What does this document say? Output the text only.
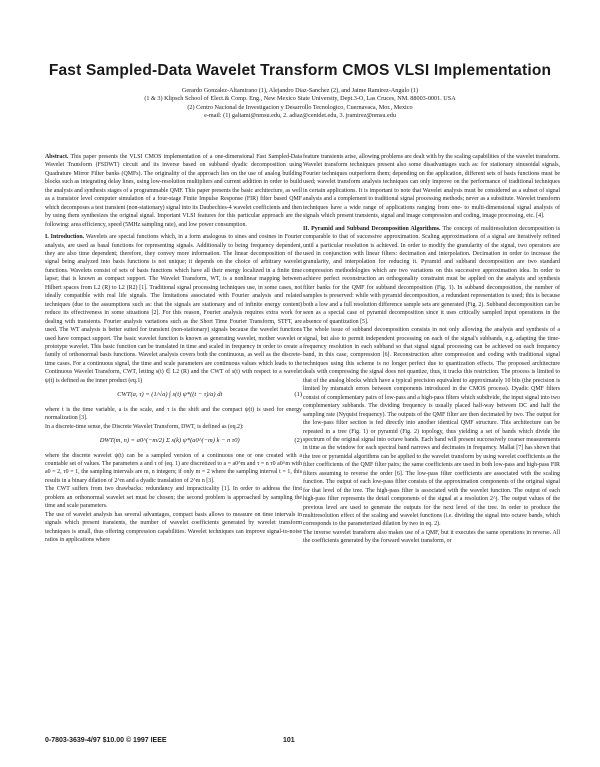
Fast Sampled-Data Wavelet Transform CMOS VLSI Implementation
Gerardo Gonzalez-Altamirano (1), Alejandro Diaz-Sanchez (2), and Jaime Ramirez-Angulo (1)
(1 & 3) Klipsch School of Elect.& Comp. Eng., New Mexico State University, Dept.3-O, Las Cruces, NM. 88003-0001. USA
(2) Centro Nacional de Investigacion y Desarrollo Tecnologico, Cuernavaca, Mor., Mexico
e-mail: (1) galtami@nmsu.edu, 2. adiaz@cenidet.edu, 3. jramirez@nmsu.edu

Abstract. This paper presents the VLSI CMOS implementation of a one-dimensional Fast Sampled-Data Wavelet Transform (FSDWT) circuit and its inverse based on subband dyadic decomposition using Quadrature Mirror Filter banks (QMFs). The originality of the approach lies on the use of analog building blocks such as integrating delay lines, using low-resolution multipliers and current addition in order to build the analysis and synthesis stages of a programmable QMF. This paper presents the basic architecture, as well as a transistor level computer simulation of a four-stage Finite Impulse Response (FIR) filter based QMF which decomposes a test transient (non-stationary) signal into its Daubechies-4 wavelet coefficients and then by using them synthesizes the original signal. Important VLSI features for this particular approach are the following: area efficiency, speed (5MHz sampling rate), and low power consumption.

I. Introduction. Wavelets are special functions which, in a form analogous to sines and cosines in Fourier analysis, are used as basal functions for representing signals. Additionally to being frequency dependent, they are also time dependent; therefore, they convey more information. The linear decomposition of the signal being analyzed into basis functions is not unique; it depends on the choice of arbitrary wavelet functions. Wavelets consist of sets of basis functions which have all their energy localized in a finite time lapse; that is known as compact support. The Wavelet Transform, WT, is a nonlinear mapping between Hilbert spaces from L2 (R) to L2 (R2) [1]. Traditional signal processing techniques use, in some cases, not ideally compatible with real life signals. The limitations associated with Fourier analysis and related techniques (due to the assumptions such as: that the signals are stationary and of infinite energy content) reduce its effectiveness in some situations [2]. For this reason, Fourier analysis requires extra work for dealing with transients. Fourier analysis variations such as the Short Time Fourier Transform, STFT, are used. The WT analysis is better suited for transient (non-stationary) signals because the wavelet functions used have compact support. The basic wavelet function is known as generating wavelet, mother wavelet or prototype wavelet. This basic function can be translated in time and scaled in frequency in order to create a family of orthonormal basis functions. Wavelet analysis covers both the continuous, as well as the discrete-time cases. For a continuous signal, the time and scale parameters are continuous values which leads to the Continuous Wavelet Transform, CWT, letting s(t) ∈ L2 (R) and the CWT of s(t) with respect to a wavelet ψ(t) is defined as the inner product (eq.1)

CWT(a, τ) = (1/√a) ∫ s(t) ψ*((t − τ)/a) dt	(1)

where t is the time variable, a is the scale, and τ is the shift and the compact ψ(t) is used for energy normalization [3].

In a discrete-time sense, the Discrete Wavelet Transform, DWT, is defined as (eq.2):

DWT(m, n) = a0^(−m/2) Σ s(k) ψ*(a0^(−m) k − n τ0)	(2)

where the discrete wavelet ψ(t) can be a sampled version of a continuous one or one created with a countable set of values. The parameters a and τ of (eq. 1) are discretized to a = a0^m and τ = n τ0 a0^m with a0 = 2, τ0 = 1, the sampling intervals are m, n integers; if only m = 2 where the sampling interval t = 1, this results in a binary dilation of 2^m and a dyadic translation of 2^m n [3].

The CWT suffers from two drawbacks: redundancy and impracticality [1]. In order to address the first problem an orthonormal wavelet set must be chosen; the second problem is approached by sampling the time and scale parameters.

The use of wavelet analysis has several advantages, compact basis allows to measure on time intervals in signals which present transients, the number of wavelet coefficients generated by wavelet transform techniques is small, thus offering compression capabilities. Wavelet techniques can improve signal-to-noise ratios in applications where

feature transients arise, allowing problems are dealt with by the scaling capabilities of the wavelet transform. Wavelet transform techniques present also some disadvantages such as: for stationary sinusoidal signals, Fourier techniques outperform them; depending on the application, different sets of basis functions must be used; wavelet transform analysis techniques can only improve on the performance of traditional techniques in certain applications. It is important to note that Wavelet analysis must be considered as a subset of signal analysis and a complement to traditional signal processing methods; never as a substitute. Wavelet transform techniques have a wide range of applications ranging from one- to multi-dimensional signal analysis of signals which present transients, signal and image compression and coding, image processing, etc. [4].

II. Pyramid and Subband Decomposition Algorithms. The concept of multiresolution decomposition is comparable to that of successive approximation. Scaling approximations of a signal are iteratively refined until a particular resolution is achieved. In order to modify the granularity of the signal, two operators are used in conjunction with linear filters: decimation and interpolation. Decimation in order to increase the granularity, and interpolation for reducing it. Pyramid and subband decomposition are two standard compression methodologies which are two variations on this successive approximation idea. In order to achieve perfect reconstruction an orthogonality constraint must be applied on the analysis and synthesis filter banks for the QMF for subband decomposition (Fig. 1). In subband decomposition, the number of samples is preserved: while with pyramid decomposition, a redundant representation is used; this is because both a low and a full resolution difference sample sets are generated (Fig. 2). Subband decomposition can be seen as a special case of pyramid decomposition since it uses critically sampled input operations in the absence of quantization [5].

The whole issue of subband decomposition consists in not only allowing the analysis and synthesis of a signal, but also to permit independent processing on each of the signal's subbands, e.g. adapting the time-frequency resolution in each subband so that signal signal processing can be achieved on each frequency band, in this case, compression [6]. Reconstruction after compression and coding with traditional signal techniques using this scheme is no longer perfect due to quantization effects. The proposed architecture deals with compressing the signal does not quantize, thus, it tracks this restriction. The process is limited to that of the analog blocks which have a typical precision equivalent to approximately 10 bits (the precision is limited by mismatch errors between components introduced in the CMOS process). Dyadic QMF filters consist of complementary pairs of low-pass and a high-pass filters which subdivide, the input signal into two complementary subbands. The dividing frequency is usually placed half-way between DC and half the sampling rate (Nyquist frequency). The outputs of the QMF filter are then decimated by two. The output for the low-pass filter section is fed directly into another identical QMF structure. This architecture can be repeated in a tree (Fig. 1) or pyramid (Fig. 2) topology, thus yielding a set of bands which divide the spectrum of the original signal into octave bands. Each band will present successively coarser measurements in time as the window for each spectral band narrows and decimates in frequency. Mallat [7] has shown that the tree or pyramidal algorithms can be applied to the wavelet transform by using wavelet coefficients as the filter coefficients of the QMF filter pairs; the same coefficients are used in both low-pass and high-pass FIR filters assuming to reverse the order [6]. The low-pass filter coefficients are associated with the scaling function. The output of each low-pass filter consists of the approximation components of the original signal for that level of the tree. The high-pass filter is associated with the wavelet function. The output of each high-pass filter represents the detail components of the signal at a resolution 2^j. The output values of the previous level are used to generate the outputs for the next level of the tree. In order to produce the multiresolution effect of the scaling and wavelet functions (i.e. dividing the signal into octave bands, which corresponds to the parameterized dilation by two in eq. 2).

The inverse wavelet transform also makes use of a QMF, but it executes the same operations in reverse. All the coefficients generated by the forward wavelet transform, or

0-7803-3639-4/97 $10.00 © 1997 IEEE	101
